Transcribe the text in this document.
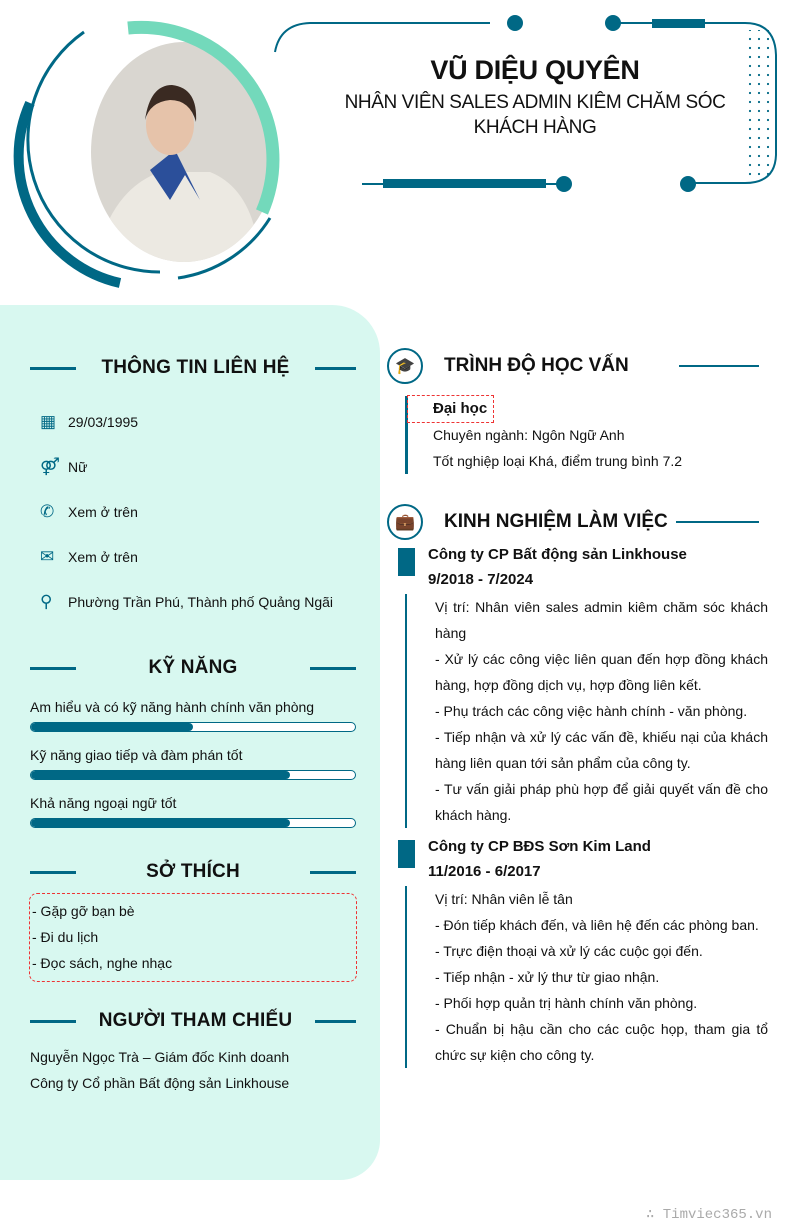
VŨ DIỆU QUYÊN
NHÂN VIÊN SALES ADMIN KIÊM CHĂM SÓC KHÁCH HÀNG
THÔNG TIN LIÊN HỆ
▦ 29/03/1995
⚤ Nữ
✆ Xem ở trên
✉ Xem ở trên
⚲	Phường Trần Phú, Thành phố Quảng Ngãi
KỸ NĂNG
Am hiểu và có kỹ năng hành chính văn phòng
Kỹ năng giao tiếp và đàm phán tốt
Khả năng ngoại ngữ tốt
SỞ THÍCH
- Gặp gỡ bạn bè
- Đi du lịch
- Đọc sách, nghe nhạc
NGƯỜI THAM CHIẾU
Nguyễn Ngọc Trà – Giám đốc Kinh doanh
Công ty Cổ phần Bất động sản Linkhouse
🎓	TRÌNH ĐỘ HỌC VẤN
Đại học
Chuyên ngành: Ngôn Ngữ Anh
Tốt nghiệp loại Khá, điểm trung bình 7.2
💼	KINH NGHIỆM LÀM VIỆC
Công ty CP Bất động sản Linkhouse
9/2018 - 7/2024
Vị trí: Nhân viên sales admin kiêm chăm sóc khách hàng
- Xử lý các công việc liên quan đến hợp đồng khách hàng, hợp đồng dịch vụ, hợp đồng liên kết.
- Phụ trách các công việc hành chính - văn phòng.
- Tiếp nhận và xử lý các vấn đề, khiếu nại của khách hàng liên quan tới sản phẩm của công ty.
- Tư vấn giải pháp phù hợp để giải quyết vấn đề cho khách hàng.
Công ty CP BĐS Sơn Kim Land
11/2016 - 6/2017
Vị trí: Nhân viên lễ tân
- Đón tiếp khách đến, và liên hệ đến các phòng ban.
- Trực điện thoại và xử lý các cuộc gọi đến.
- Tiếp nhận - xử lý thư từ giao nhận.
- Phối hợp quản trị hành chính văn phòng.
- Chuẩn bị hậu cần cho các cuộc họp, tham gia tổ chức sự kiện cho công ty.
∴ Timviec365.vn
